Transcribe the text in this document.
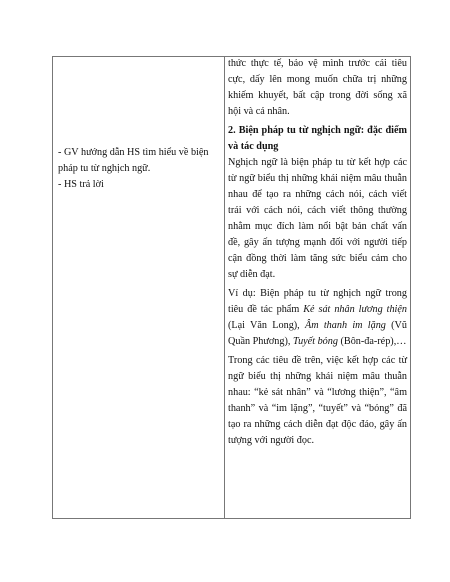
- GV hướng dẫn HS tìm hiểu về biện pháp tu từ nghịch ngữ.

- HS trả lời

thức thực tế, bảo vệ mình trước cái tiêu cực, dấy lên mong muốn chữa trị những khiếm khuyết, bất cập trong đời sống xã hội và cá nhân.

2. Biện pháp tu từ nghịch ngữ: đặc điểm và tác dụng

Nghịch ngữ là biện pháp tu từ kết hợp các từ ngữ biểu thị những khái niệm mâu thuẫn nhau để tạo ra những cách nói, cách viết trái với cách nói, cách viết thông thường nhằm mục đích làm nổi bật bản chất vấn đề, gây ấn tượng mạnh đối với người tiếp cận đồng thời làm tăng sức biểu cảm cho sự diễn đạt.

Ví dụ: Biện pháp tu từ nghịch ngữ trong tiêu đề tác phẩm Kẻ sát nhân lương thiện (Lại Văn Long), Âm thanh im lặng (Vũ Quần Phương), Tuyết bỏng (Bôn-đa-rép),…

Trong các tiêu đề trên, việc kết hợp các từ ngữ biểu thị những khái niệm mâu thuẫn nhau: “kẻ sát nhân” và “lương thiện”, “âm thanh” và “im lặng”, “tuyết” và “bỏng” đã tạo ra những cách diễn đạt độc đáo, gây ấn tượng với người đọc.
